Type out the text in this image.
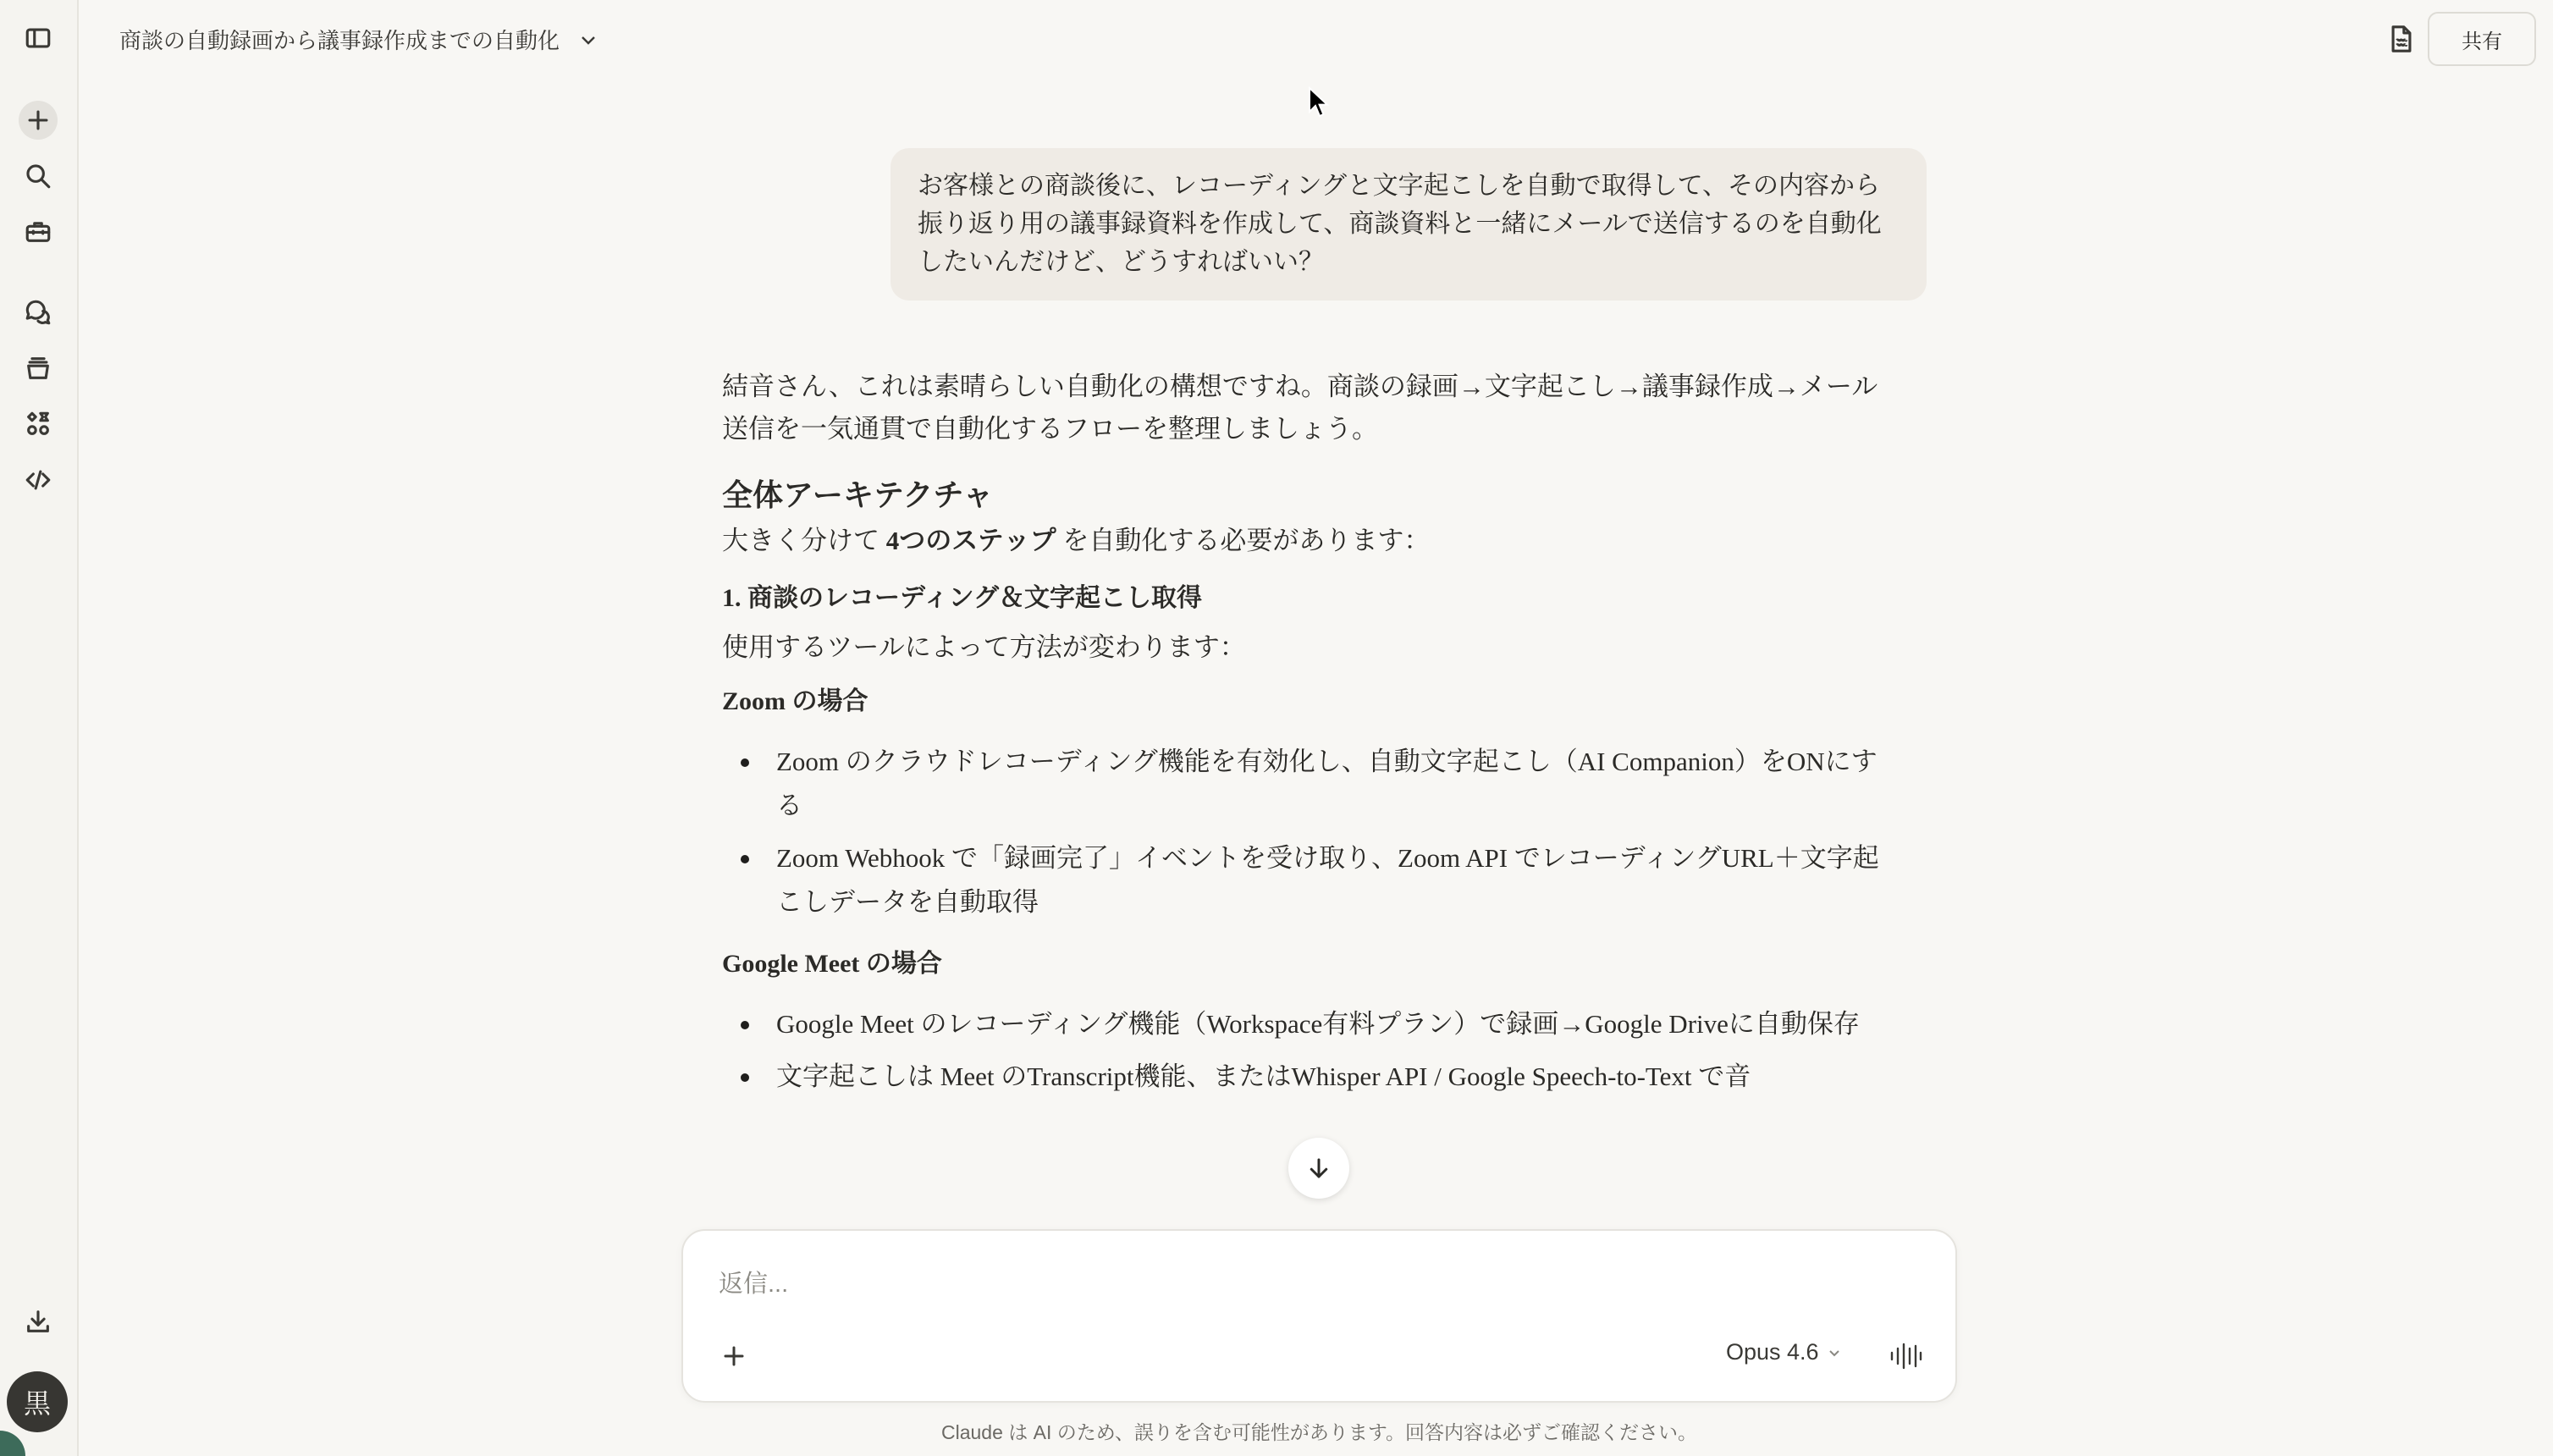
黒
商談の自動録画から議事録作成までの自動化	共有
お客様との商談後に、レコーディングと文字起こしを自動で取得して、その内容から振り返り用の議事録資料を作成して、商談資料と一緒にメールで送信するのを自動化したいんだけど、どうすればいい？

結音さん、これは素晴らしい自動化の構想ですね。商談の録画→文字起こし→議事録作成→メール送信を一気通貫で自動化するフローを整理しましょう。

全体アーキテクチャ

大きく分けて 4つのステップ を自動化する必要があります：

1. 商談のレコーディング＆文字起こし取得

使用するツールによって方法が変わります：

Zoom の場合
Zoom のクラウドレコーディング機能を有効化し、自動文字起こし（AI Companion）をONにする
Zoom Webhook で「録画完了」イベントを受け取り、Zoom API でレコーディングURL＋文字起こしデータを自動取得
Google Meet の場合
Google Meet のレコーディング機能（Workspace有料プラン）で録画→Google Driveに自動保存
文字起こしは Meet のTranscript機能、またはWhisper API / Google Speech-to-Text で音
返信...
Opus 4.6
Claude は AI のため、誤りを含む可能性があります。回答内容は必ずご確認ください。
